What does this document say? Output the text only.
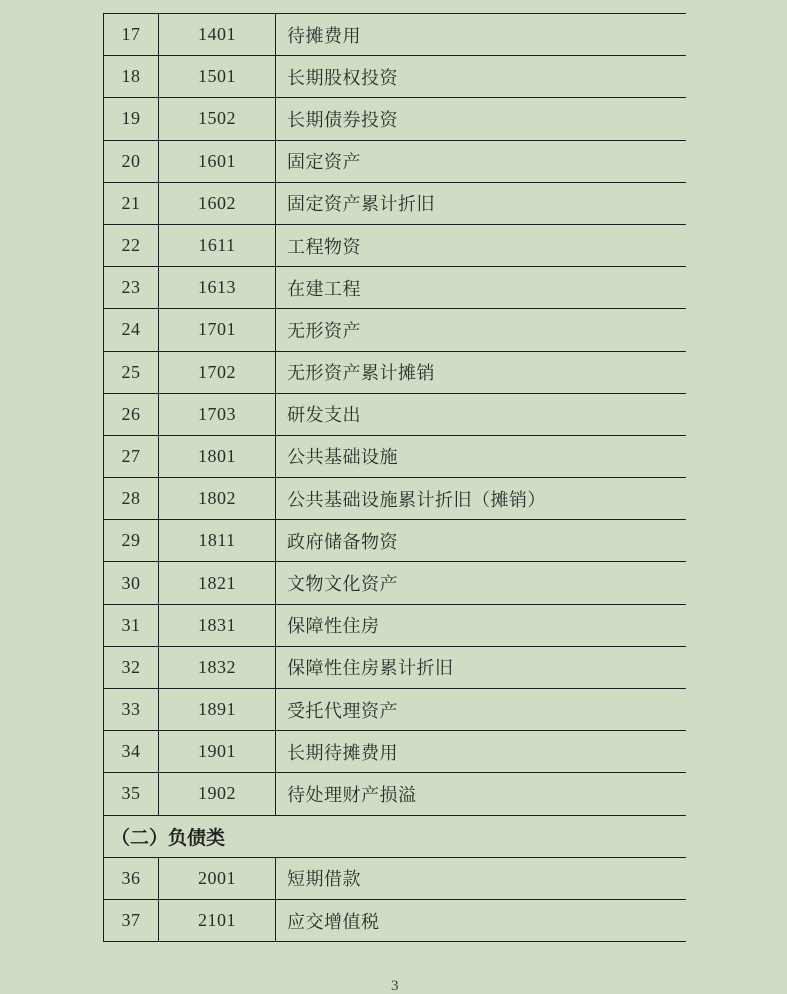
17	1401	待摊费用
18	1501	长期股权投资
19	1502	长期债券投资
20	1601	固定资产
21	1602	固定资产累计折旧
22	1611	工程物资
23	1613	在建工程
24	1701	无形资产
25	1702	无形资产累计摊销
26	1703	研发支出
27	1801	公共基础设施
28	1802	公共基础设施累计折旧（摊销）
29	1811	政府储备物资
30	1821	文物文化资产
31	1831	保障性住房
32	1832	保障性住房累计折旧
33	1891	受托代理资产
34	1901	长期待摊费用
35	1902	待处理财产损溢
（二）负债类
36	2001	短期借款
37	2101	应交增值税
3
